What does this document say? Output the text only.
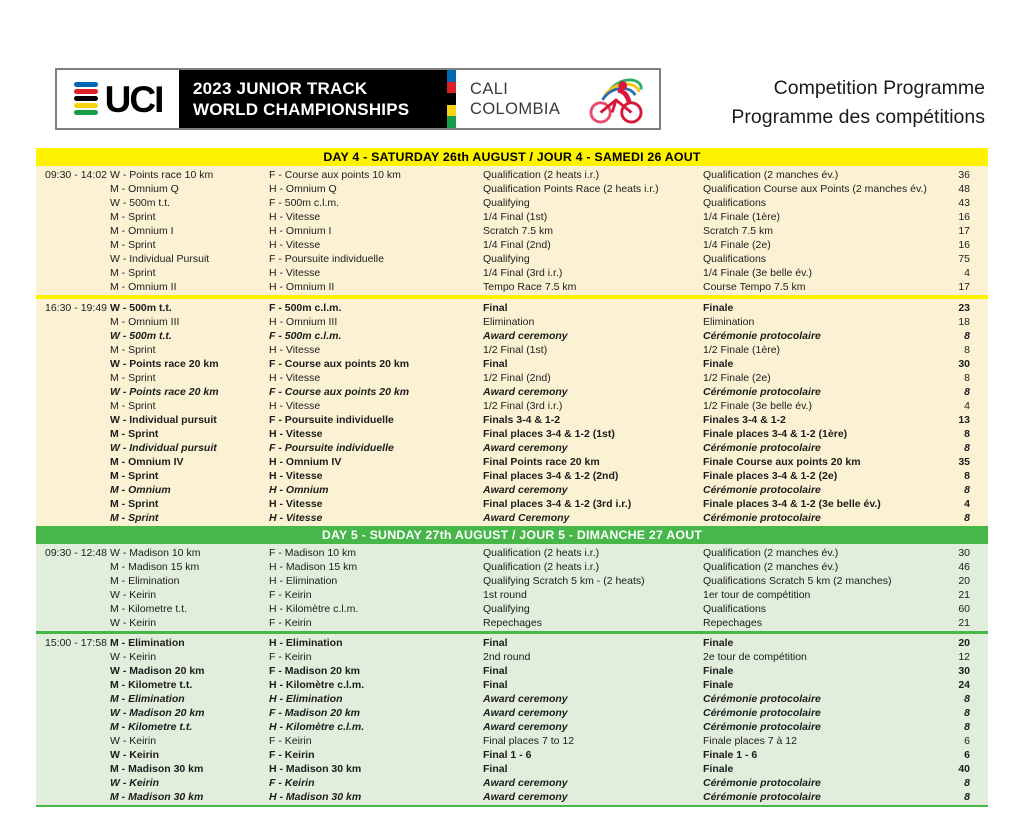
UCI 2023 JUNIOR TRACK
WORLD CHAMPIONSHIPS
CALI
COLOMBIA
Competition Programme
Programme des compétitions
DAY 4 - SATURDAY 26th AUGUST / JOUR 4 - SAMEDI 26 AOUT
09:30 - 14:02 W - Points race 10 km	F - Course aux points 10 km	Qualification (2 heats i.r.)	Qualification (2 manches év.)	36
M - Omnium Q	H - Omnium Q	Qualification Points Race (2 heats i.r.)	Qualification Course aux Points (2 manches év.)	48
W - 500m t.t.	F - 500m c.l.m.	Qualifying	Qualifications	43
M - Sprint	H - Vitesse	1/4 Final (1st)	1/4 Finale (1ère)	16
M - Omnium I	H - Omnium I	Scratch 7.5 km	Scratch 7.5 km	17
M - Sprint	H - Vitesse	1/4 Final (2nd)	1/4 Finale (2e)	16
W - Individual Pursuit	F - Poursuite individuelle	Qualifying	Qualifications	75
M - Sprint	H - Vitesse	1/4 Final (3rd i.r.)	1/4 Finale (3e belle év.)	4
M - Omnium II	H - Omnium II	Tempo Race 7.5 km	Course Tempo 7.5 km	17
16:30 - 19:49 W - 500m t.t.	F - 500m c.l.m.	Final	Finale	23
M - Omnium III	H - Omnium III	Elimination	Elimination	18
W - 500m t.t.	F - 500m c.l.m.	Award ceremony	Cérémonie protocolaire	8
M - Sprint	H - Vitesse	1/2 Final (1st)	1/2 Finale (1ère)	8
W - Points race 20 km	F - Course aux points 20 km	Final	Finale	30
M - Sprint	H - Vitesse	1/2 Final (2nd)	1/2 Finale (2e)	8
W - Points race 20 km	F - Course aux points 20 km	Award ceremony	Cérémonie protocolaire	8
M - Sprint	H - Vitesse	1/2 Final (3rd i.r.)	1/2 Finale (3e belle év.)	4
W - Individual pursuit	F - Poursuite individuelle	Finals 3-4 & 1-2	Finales 3-4 & 1-2	13
M - Sprint	H - Vitesse	Final places 3-4 & 1-2 (1st)	Finale places 3-4 & 1-2 (1ère)	8
W - Individual pursuit	F - Poursuite individuelle	Award ceremony	Cérémonie protocolaire	8
M - Omnium IV	H - Omnium IV	Final Points race 20 km	Finale Course aux points 20 km	35
M - Sprint	H - Vitesse	Final places 3-4 & 1-2 (2nd)	Finale places 3-4 & 1-2 (2e)	8
M - Omnium	H - Omnium	Award ceremony	Cérémonie protocolaire	8
M - Sprint	H - Vitesse	Final places 3-4 & 1-2 (3rd i.r.)	Finale places 3-4 & 1-2 (3e belle év.)	4
M - Sprint	H - Vitesse	Award Ceremony	Cérémonie protocolaire	8
DAY 5 - SUNDAY 27th AUGUST / JOUR 5 - DIMANCHE 27 AOUT
09:30 - 12:48 W - Madison 10 km	F - Madison 10 km	Qualification (2 heats i.r.)	Qualification (2 manches év.)	30
M - Madison 15 km	H - Madison 15 km	Qualification (2 heats i.r.)	Qualification (2 manches év.)	46
M - Elimination	H - Elimination	Qualifying Scratch 5 km - (2 heats)	Qualifications Scratch 5 km (2 manches)	20
W - Keirin	F - Keirin	1st round	1er tour de compétition	21
M - Kilometre t.t.	H - Kilomètre c.l.m.	Qualifying	Qualifications	60
W - Keirin	F - Keirin	Repechages	Repechages	21
15:00 - 17:58 M - Elimination	H - Elimination	Final	Finale	20
W - Keirin	F - Keirin	2nd round	2e tour de compétition	12
W - Madison 20 km	F - Madison 20 km	Final	Finale	30
M - Kilometre t.t.	H - Kilomètre c.l.m.	Final	Finale	24
M - Elimination	H - Elimination	Award ceremony	Cérémonie protocolaire	8
W - Madison 20 km	F - Madison 20 km	Award ceremony	Cérémonie protocolaire	8
M - Kilometre t.t.	H - Kilomètre c.l.m.	Award ceremony	Cérémonie protocolaire	8
W - Keirin	F - Keirin	Final places 7 to 12	Finale places 7 à 12	6
W - Keirin	F - Keirin	Final 1 - 6	Finale 1 - 6	6
M - Madison 30 km	H - Madison 30 km	Final	Finale	40
W - Keirin	F - Keirin	Award ceremony	Cérémonie protocolaire	8
M - Madison 30 km	H - Madison 30 km	Award ceremony	Cérémonie protocolaire	8
